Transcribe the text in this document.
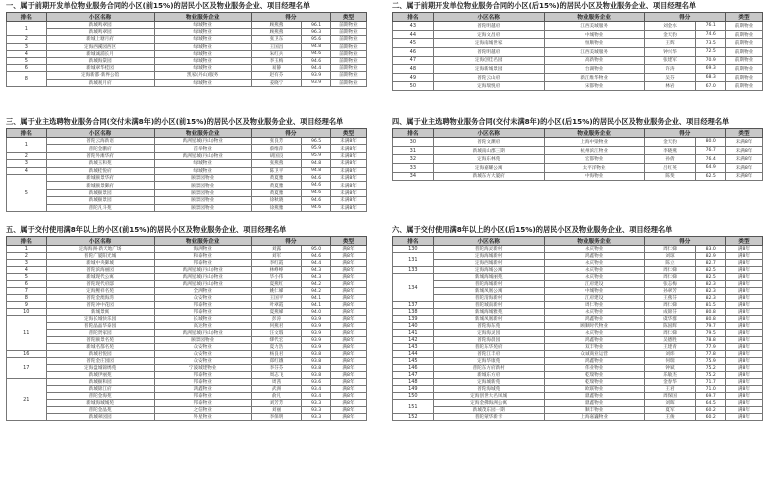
一、属于前期开发单位物业服务合同的小区(前15%)的居民小区及物业服务企业、项目经理名单
排名	小区名称	物业服务企业	得分		类型
1	新城鸣翠园	绿城物业	顾燕燕	96.1	前期物业
	新城鸣翠园	绿城物业	顾燕燕	96.3	前期物业
2	新城上塘月府	绿城物业	张卫东	95.6	前期物业
3	定海西溪园西区	绿城物业	王国昌	94.8	前期物业
4	新城诚浦长月	绿城物业	朱红兵	94.6	前期物业
5	新城海棠园	绿城物业	李玉梅	94.6	前期物业
6	新城翠华桂园	绿城物业	易静	94.4	前期物业
8	定海新都·新界公馆	凯家(丹山)服务	赵有芬	93.9	前期物业
	新城观月府	绿城物业	姜晓宁	93.9	前期物业
二、属于前期开发单位物业服务合同的小区(后15%)的居民小区及物业服务企业、项目经理名单
排名	小区名称	物业服务企业	得分		类型
43	普陀明越府	江西美城服务	刘金水	76.1	前期物业
44	定海文昌府	中城物业	金天豹	74.6	前期物业
45	定海南城世家	恒顺物业	王辉	73.5	前期物业
46	普陀明越府	江西美城服务	钟兴华	72.5	前期物业
47	定海创佳名园	高新物业	张建军	70.9	前期物业
48	定海新城景园	台湖物业	许涛	69.3	前期物业
49	普陀云山府	新江维华物业	吴芬	68.3	前期物业
50	定海瑞悦府	宋都物业	林岩	67.0	前期物业
三、属于业主选聘物业服务合同(交付未满8年)的小区(前15%)的居民小区及物业服务企业、项目经理名单
排名	小区名称	物业服务企业	得分		类型
1	普陀云海新语	禹洲星城(丹山)物业	张良芳	96.5	未满8年
	普陀金鹏府	首举物业	蔡维萍	95.9	未满8年
2	普陀外滩华府	禹洲星城(丹山)物业	胡国良	95.9	未满8年
3	新城玉和苑	绿城物业	张燕燕	94.8	未满8年
4	新城桂悦府	绿城物业	陈卫平	94.8	未满8年
5	新城颐景华府	颐景园物业	黄夏雅	94.6	未满8年
	新城颐景御府	颐景园物业	黄夏雅	94.6	未满8年
	新城颐景园	颐景园物业	黄夏雅	94.6	未满8年
	新城颐景园	颐景园物业	徐秋晓	94.6	未满8年
	普陀凡斗苑	颐景园物业	徐燕雅	94.6	未满8年
四、属于业主选聘物业服务合同(交付未满8年)的小区(后15%)的居民小区及物业服务企业、项目经理名单
排名	小区名称	物业服务企业	得分		类型
30	普陀文渊府	上海中梁物业	金天豹	80.0	未满8年
31	新城南山郡三期	杭州滨江物业	李晓燕	76.7	未满8年
32	定海东林苑	宏都物业	孙倩	76.4	未满8年
33	定海嘉耀公寓	太平洋物业	吕红英	64.9	未满8年
34	新城东方大厦府	中海物业	陈斐	62.5	未满8年
五、属于交付使用满8年以上的小区(前15%)的居民小区及物业服务企业、项目经理名单
排名	小区名称	物业服务企业	得分		类型
1	定海海洲·新天地广场	海洲物业	刘露	95.0	满8年
2	普陀广厦阳光城	和泰物业	刘军	94.6	满8年
3	新城中央御城	邦泰物业	李红霞	94.4	满8年
4	普陀滨海丽园	禹洲星城(丹山)物业	林峥峥	94.3	满8年
5	新城现代公寓	禹洲星城(丹山)物业	毕小伟	94.3	满8年
6	普陀现代府邸	禹洲星城(丹山)物业	夏燕红	94.2	满8年
7	定海鲤祥名苑	全洲物业	姚仁娣	94.2	满8年
8	普陀金澳海湾	众安物业	王国平	94.1	满8年
9	普陀冲中花园	邦泰物业	叶翠霞	94.1	满8年
10	新城景寓	邦泰物业	夏燕娣	94.0	满8年
11	定海长城快乐园	长城物业	彭涛	93.9	满8年
	普陀晶晶华泰园	高达物业	何燕君	93.9	满8年
	普陀贤家园	禹洲星城(丹山)物业	汪文瑕	93.9	满8年
	普陀颐景名苑	颐景园物业	缪代宏	93.9	满8年
	新城名都名苑	众安物业	夏力浩	93.9	满8年
16	新城君悦园	众安物业	杨良君	93.8	满8年
17	普陀金庄园园	众安物业	郑红娥	93.8	满8年
	定海盘城锦绣苑	宁波城建物业	李芬芬	93.8	满8年
	新城伊丽苑	邦泰物业	周志飞	93.8	满8年
21	新城颐和园	邦泰物业	周茜	93.6	满8年
	新城锦江府	鸿鑫物业	武洲	93.4	满8年
	普陀金海苑	邦泰物业	俞凡	93.4	满8年
	新城海城城苑	邦泰物业	刘芳芳	93.3	满8年
	普陀金晶苑	之信物业	刘丽	93.3	满8年
	新城翠园园	外星物业	李保明	93.3	满8年
六、属于交付使用满8年以上的小区(后15%)的居民小区及物业服务企业、项目经理名单
排名	小区名称	物业服务企业	得分		类型
130	普陀海灵新村	永庆物业	周仁娣	83.0	满8年
131	定海海城新村	鸿鑫物业	刘琼	82.9	满8年
	定海西城新村	永庆物业	陈立	82.7	满8年
133	定海海城公寓	永庆物业	周仁娣	82.5	满8年
134	新城海城丽苑	永庆物业	周仁娣	82.5	满8年
	普陀海城新村	江府建设	张志梅	82.3	满8年
	新城凤凰公寓	中城物业	孙翠芳	82.3	满8年
	普陀清海新村	江府建设	王燕芬	82.3	满8年
137	普陀城南新村	周仁物业	周仁娣	81.5	满8年
138	新城海城雅苑	永庆物业	成锦芬	80.8	满8年
139	新城凤凰新村	鸿鑫物业	虞华群	80.8	满8年
140	普陀海东苑	顾顺时代物业	陈国辉	79.7	满8年
141	定海海灵园	永庆物业	周仁娣	79.5	满8年
142	普陀海晨园	鸿鑫物业	吴德胜	78.8	满8年
143	普陀东华苑府	双丰物业	王建青	77.9	满8年
144	普陀江丰府	众诚商业运营	刘炜	77.8	满8年
145	定海华康苑	鸿鑫物业	何瑞	75.9	满8年
146	普陀东方府新村	伟业物业	钟斌	75.2	满8年
147	新城东方府	乾瑞物业	乐敏杰	75.2	满8年
148	定海城新苑	乾瑞物业	金春华	71.7	满8年
149	普陀海城苑	欧联物业	王君	71.0	满8年
150	定海创世大名凤城	鼎鑫物业	周保国	69.7	满8年
151	定海金佛海洲公寓	鼎鑫物业	刘晖	64.5	满8年
	新城茂东园一期	顺丰物业	夏军	60.2	满8年
152	普陀蒙华新卡	上海嘉巍物业	王俊	60.2	满8年
